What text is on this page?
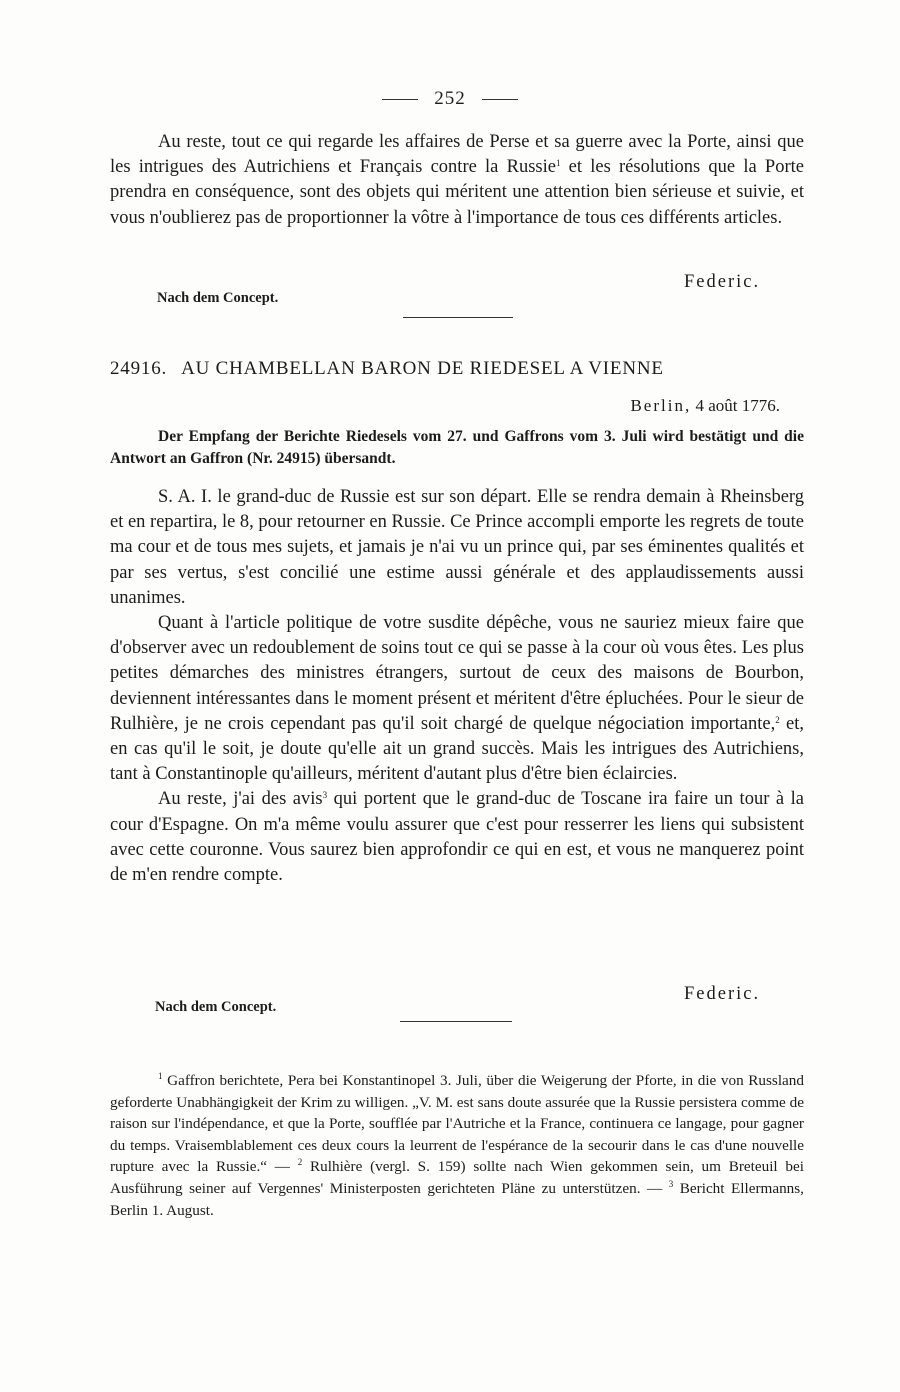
252

Au reste, tout ce qui regarde les affaires de Perse et sa guerre avec la Porte, ainsi que les intrigues des Autrichiens et Français contre la Russie$^1$ et les résolutions que la Porte prendra en conséquence, sont des objets qui méritent une attention bien sérieuse et suivie, et vous n'oublierez pas de proportionner la vôtre à l'importance de tous ces différents articles.

Federic.
Nach dem Concept.
24916. AU CHAMBELLAN BARON DE RIEDESEL A VIENNE
Berlin, 4 août 1776.
Der Empfang der Berichte Riedesels vom 27. und Gaffrons vom 3. Juli wird bestätigt und die Antwort an Gaffron (Nr. 24915) übersandt.

S. A. I. le grand-duc de Russie est sur son départ. Elle se rendra demain à Rheinsberg et en repartira, le 8, pour retourner en Russie. Ce Prince accompli emporte les regrets de toute ma cour et de tous mes sujets, et jamais je n'ai vu un prince qui, par ses éminentes qualités et par ses vertus, s'est concilié une estime aussi générale et des applaudissements aussi unanimes.

Quant à l'article politique de votre susdite dépêche, vous ne sauriez mieux faire que d'observer avec un redoublement de soins tout ce qui se passe à la cour où vous êtes. Les plus petites démarches des ministres étrangers, surtout de ceux des maisons de Bourbon, deviennent intéressantes dans le moment présent et méritent d'être épluchées. Pour le sieur de Rulhière, je ne crois cependant pas qu'il soit chargé de quelque négociation importante,$^2$ et, en cas qu'il le soit, je doute qu'elle ait un grand succès. Mais les intrigues des Autrichiens, tant à Constantinople qu'ailleurs, méritent d'autant plus d'être bien éclaircies.

Au reste, j'ai des avis$^3$ qui portent que le grand-duc de Toscane ira faire un tour à la cour d'Espagne. On m'a même voulu assurer que c'est pour resserrer les liens qui subsistent avec cette couronne. Vous saurez bien approfondir ce qui en est, et vous ne manquerez point de m'en rendre compte.

Federic.
Nach dem Concept.
$^1$ Gaffron berichtete, Pera bei Konstantinopel 3. Juli, über die Weigerung der Pforte, in die von Russland geforderte Unabhängigkeit der Krim zu willigen. „V. M. est sans doute assurée que la Russie persistera comme de raison sur l'indépendance, et que la Porte, soufflée par l'Autriche et la France, continuera ce langage, pour gagner du temps. Vraisemblablement ces deux cours la leurrent de l'espérance de la secourir dans le cas d'une nouvelle rupture avec la Russie.“ — $^2$ Rulhière (vergl. S. 159) sollte nach Wien gekommen sein, um Breteuil bei Ausführung seiner auf Vergennes' Ministerposten gerichteten Pläne zu unterstützen. — $^3$ Bericht Ellermanns, Berlin 1. August.
